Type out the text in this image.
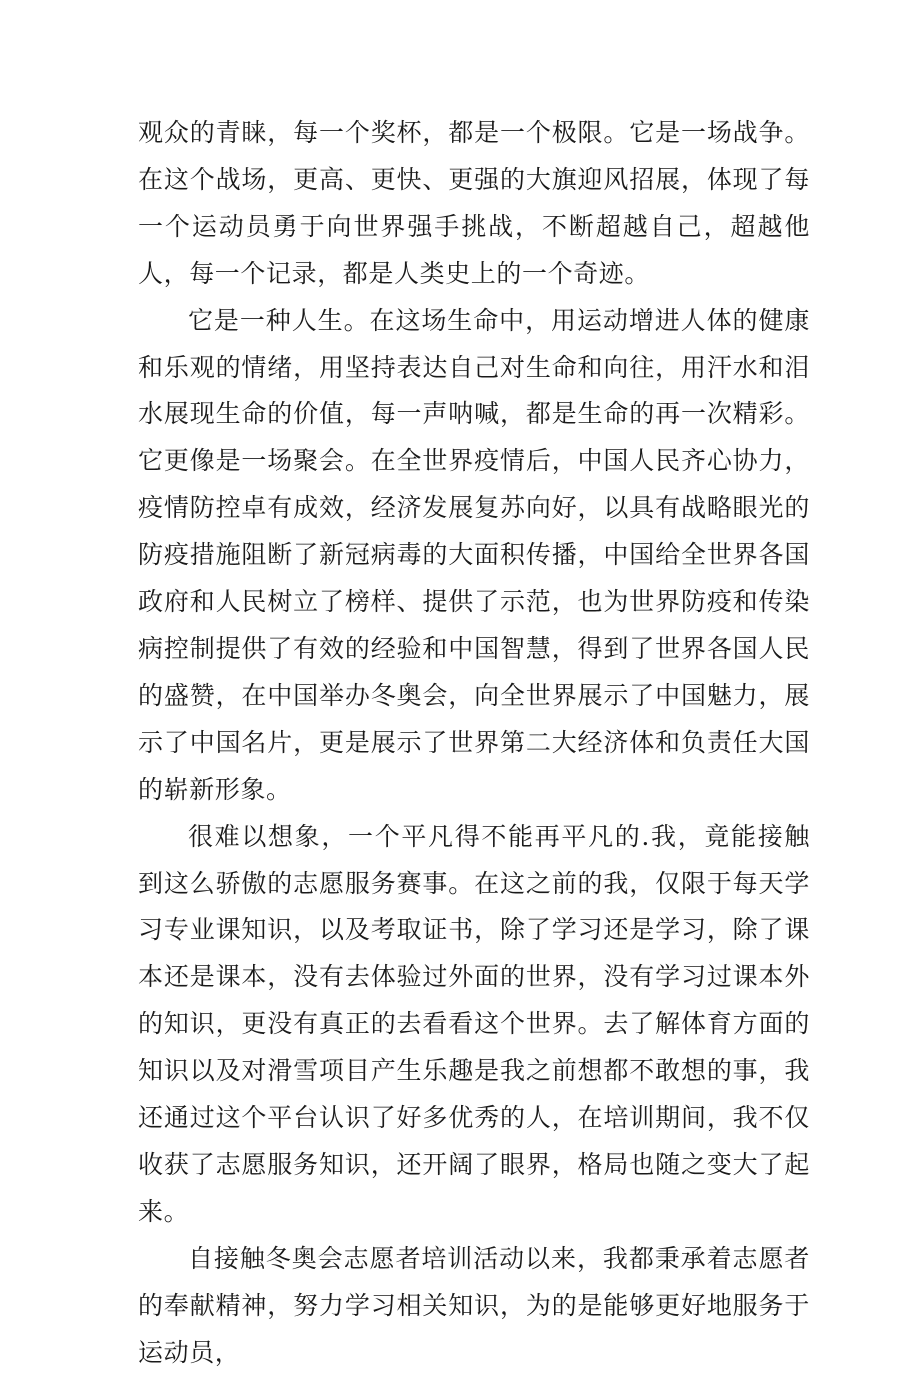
观众的青睐，每一个奖杯，都是一个极限。它是一场战争。在这个战场，更高、更快、更强的大旗迎风招展，体现了每一个运动员勇于向世界强手挑战，不断超越自己，超越他人，每一个记录，都是人类史上的一个奇迹。

它是一种人生。在这场生命中，用运动增进人体的健康和乐观的情绪，用坚持表达自己对生命和向往，用汗水和泪水展现生命的价值，每一声呐喊，都是生命的再一次精彩。它更像是一场聚会。在全世界疫情后，中国人民齐心协力，疫情防控卓有成效，经济发展复苏向好，以具有战略眼光的防疫措施阻断了新冠病毒的大面积传播，中国给全世界各国政府和人民树立了榜样、提供了示范，也为世界防疫和传染病控制提供了有效的经验和中国智慧，得到了世界各国人民的盛赞，在中国举办冬奥会，向全世界展示了中国魅力，展示了中国名片，更是展示了世界第二大经济体和负责任大国的崭新形象。

很难以想象，一个平凡得不能再平凡的.我，竟能接触到这么骄傲的志愿服务赛事。在这之前的我，仅限于每天学习专业课知识，以及考取证书，除了学习还是学习，除了课本还是课本，没有去体验过外面的世界，没有学习过课本外的知识，更没有真正的去看看这个世界。去了解体育方面的知识以及对滑雪项目产生乐趣是我之前想都不敢想的事，我还通过这个平台认识了好多优秀的人，在培训期间，我不仅收获了志愿服务知识，还开阔了眼界，格局也随之变大了起来。

自接触冬奥会志愿者培训活动以来，我都秉承着志愿者的奉献精神，努力学习相关知识，为的是能够更好地服务于运动员，
